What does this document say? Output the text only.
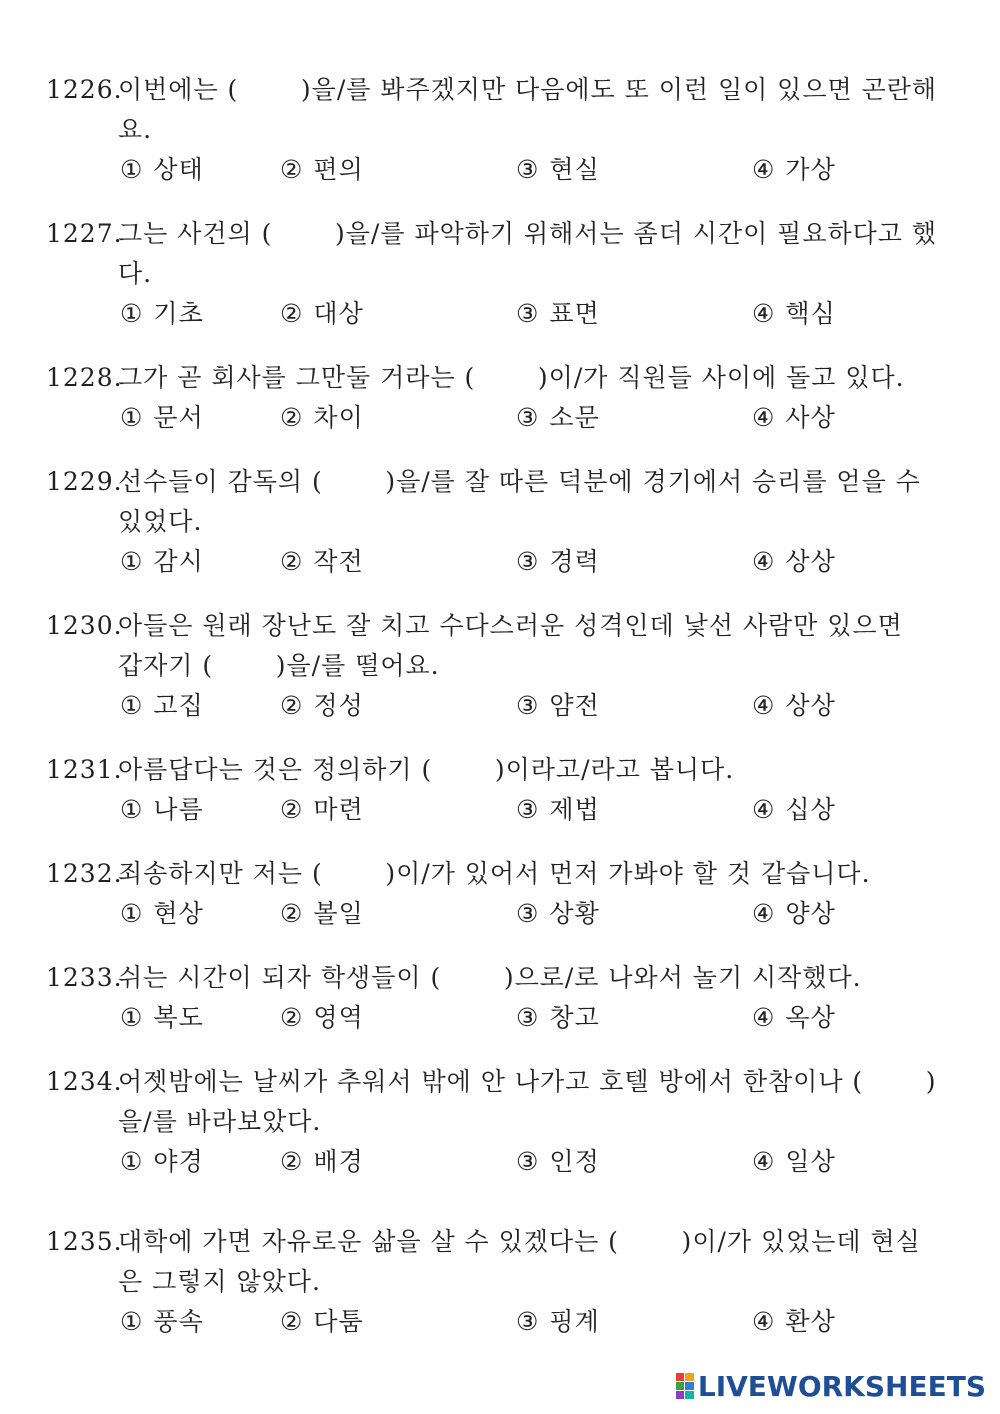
1226.이번에는 (       )을/를 봐주겠지만 다음에도 또 이런 일이 있으면 곤란해
요.
① 상태	② 편의	③ 현실	④ 가상
1227.그는 사건의 (       )을/를 파악하기 위해서는 좀더 시간이 필요하다고 했
다.
① 기초	② 대상	③ 표면	④ 핵심
1228.그가 곧 회사를 그만둘 거라는 (       )이/가 직원들 사이에 돌고 있다.
① 문서	② 차이	③ 소문	④ 사상
1229.선수들이 감독의 (       )을/를 잘 따른 덕분에 경기에서 승리를 얻을 수
있었다.
① 감시	② 작전	③ 경력	④ 상상
1230.아들은 원래 장난도 잘 치고 수다스러운 성격인데 낯선 사람만 있으면
갑자기 (       )을/를 떨어요.
① 고집	② 정성	③ 얌전	④ 상상
1231.아름답다는 것은 정의하기 (       )이라고/라고 봅니다.
① 나름	② 마련	③ 제법	④ 십상
1232.죄송하지만 저는 (       )이/가 있어서 먼저 가봐야 할 것 같습니다.
① 현상	② 볼일	③ 상황	④ 양상
1233.쉬는 시간이 되자 학생들이 (       )으로/로 나와서 놀기 시작했다.
① 복도	② 영역	③ 창고	④ 옥상
1234.어젯밤에는 날씨가 추워서 밖에 안 나가고 호텔 방에서 한참이나 (       )
을/를 바라보았다.
① 야경	② 배경	③ 인정	④ 일상
1235.대학에 가면 자유로운 삶을 살 수 있겠다는 (       )이/가 있었는데 현실
은 그렇지 않았다.
① 풍속	② 다툼	③ 핑계	④ 환상
LIVEWORKSHEETS
